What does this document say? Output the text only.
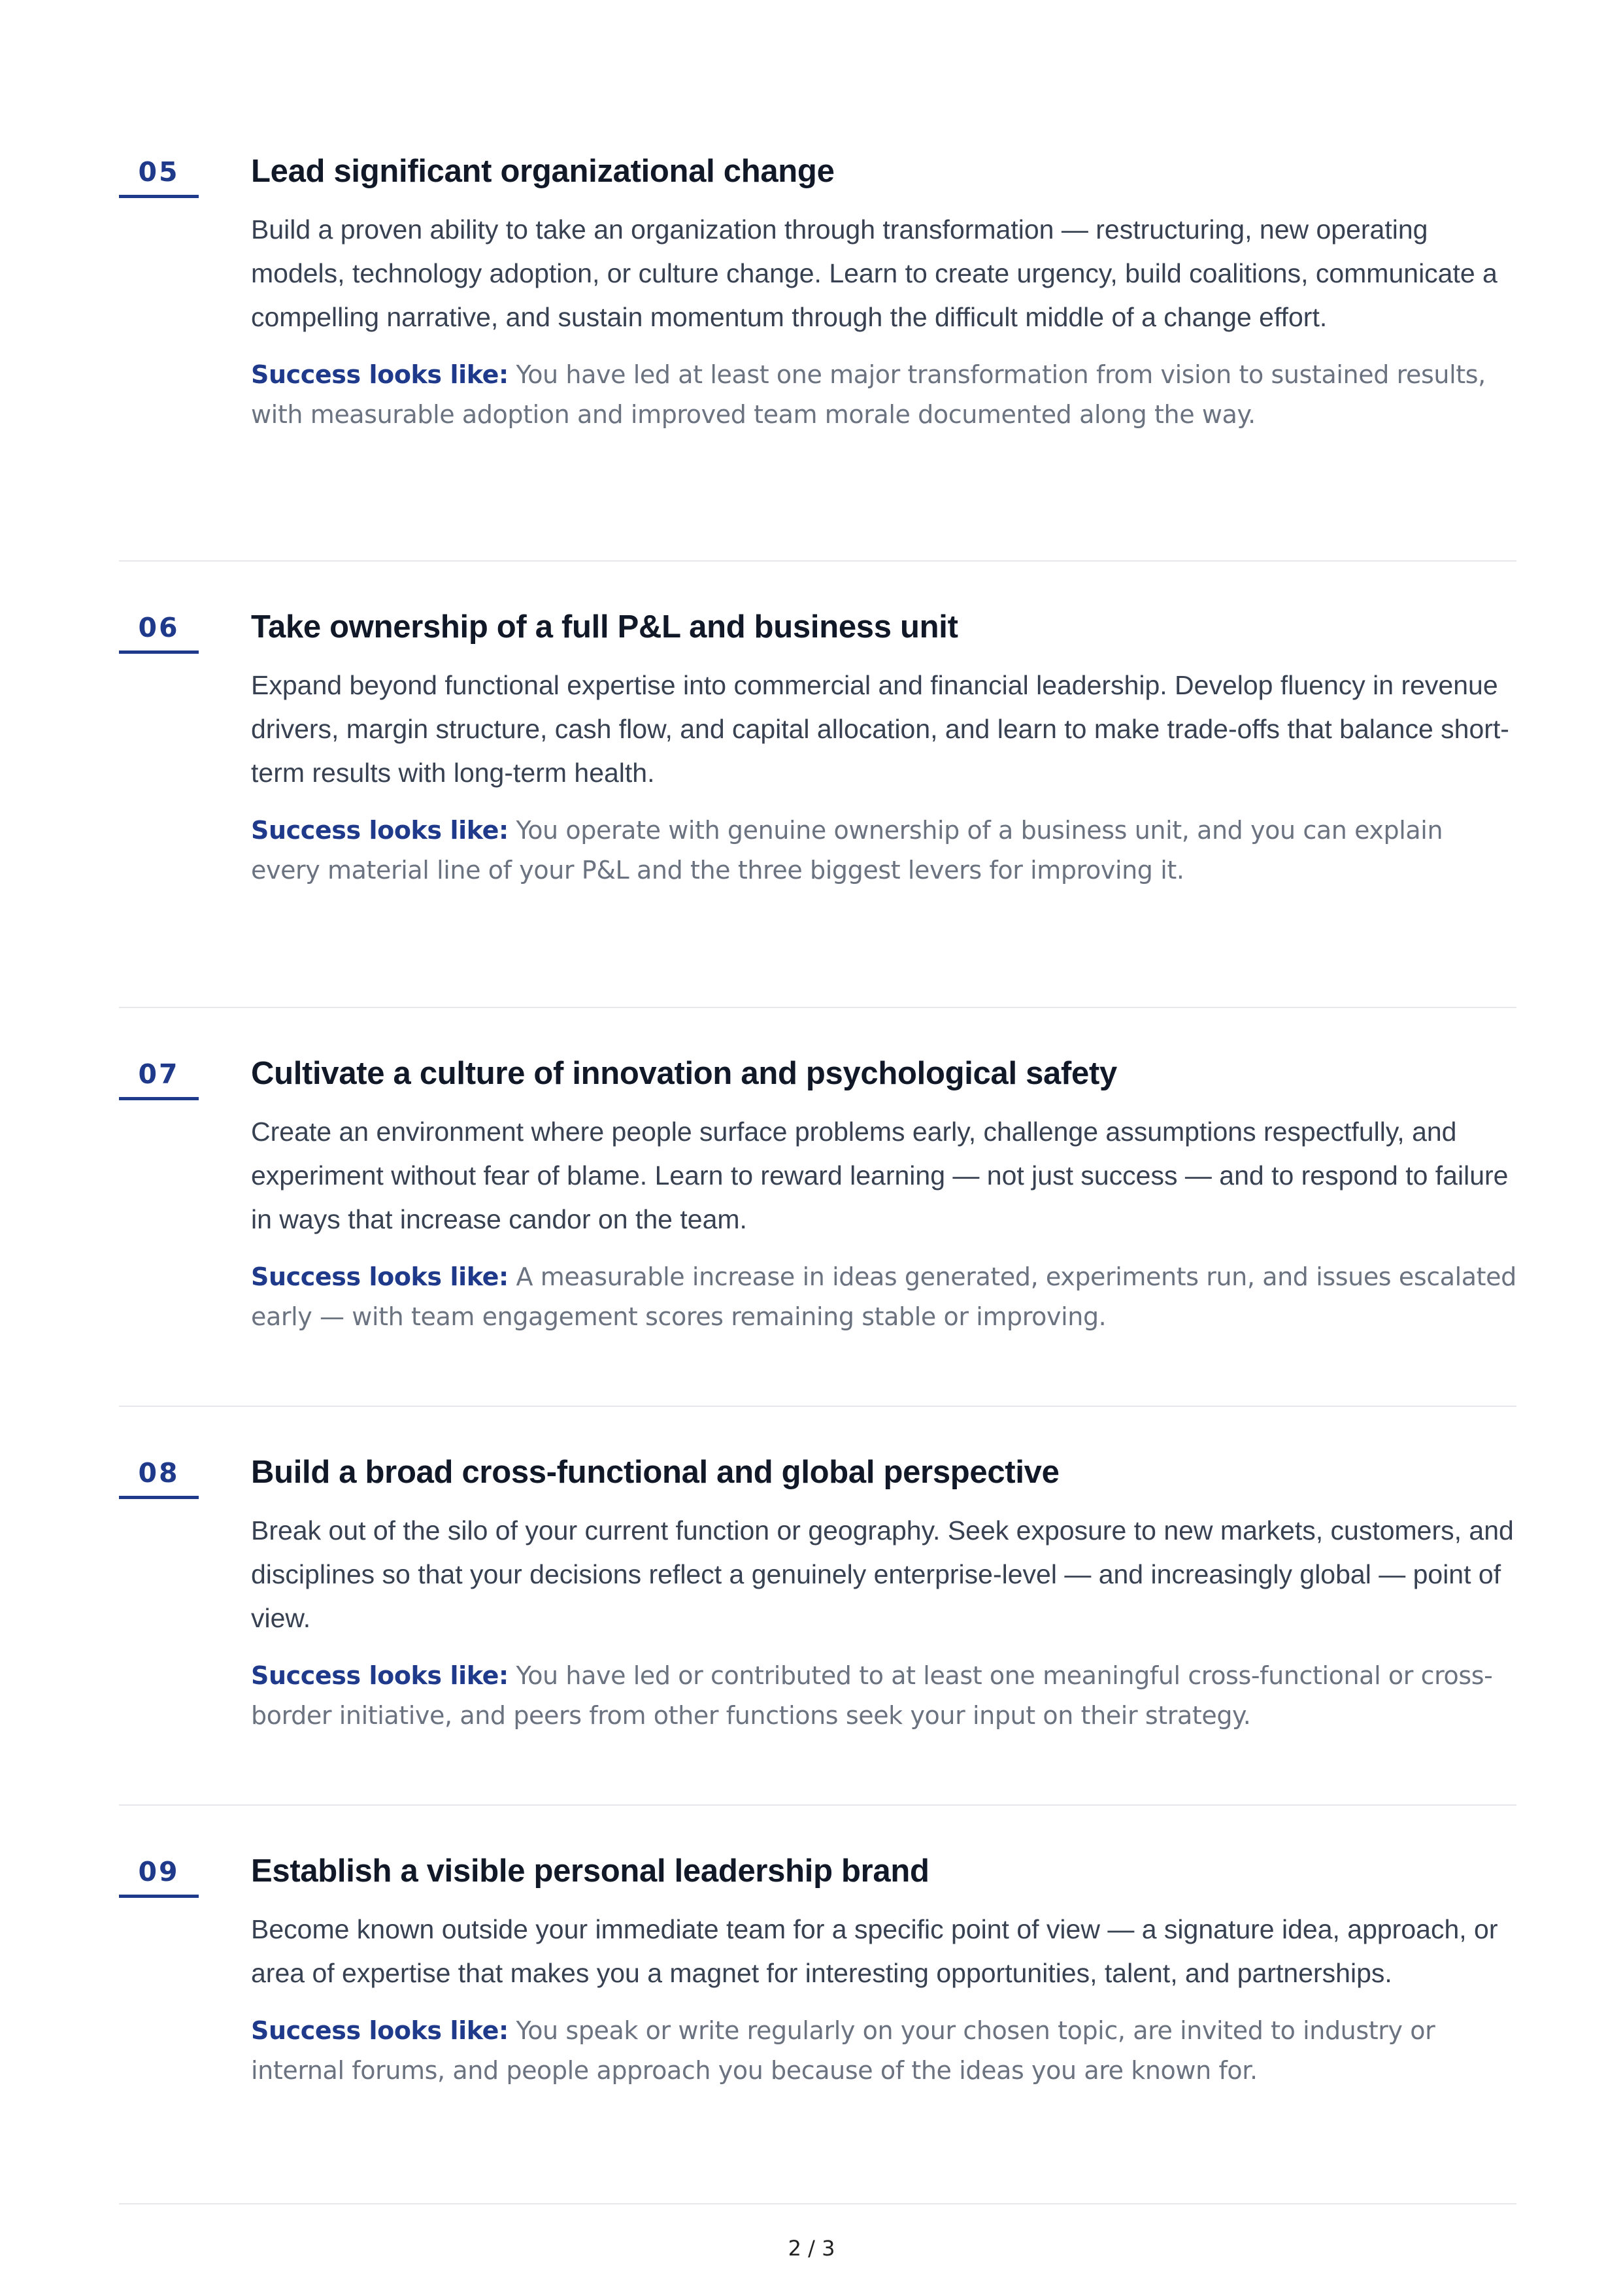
05	Lead significant organizational change

Build a proven ability to take an organization through transformation — restructuring, new operating models, technology adoption, or culture change. Learn to create urgency, build coalitions, communicate a compelling narrative, and sustain momentum through the difficult middle of a change effort.

Success looks like: You have led at least one major transformation from vision to sustained results, with measurable adoption and improved team morale documented along the way.

06	Take ownership of a full P&L and business unit

Expand beyond functional expertise into commercial and financial leadership. Develop fluency in revenue drivers, margin structure, cash flow, and capital allocation, and learn to make trade-offs that balance short-term results with long-term health.

Success looks like: You operate with genuine ownership of a business unit, and you can explain every material line of your P&L and the three biggest levers for improving it.

07	Cultivate a culture of innovation and psychological safety

Create an environment where people surface problems early, challenge assumptions respectfully, and experiment without fear of blame. Learn to reward learning — not just success — and to respond to failure in ways that increase candor on the team.

Success looks like: A measurable increase in ideas generated, experiments run, and issues escalated early — with team engagement scores remaining stable or improving.

08	Build a broad cross-functional and global perspective

Break out of the silo of your current function or geography. Seek exposure to new markets, customers, and disciplines so that your decisions reflect a genuinely enterprise-level — and increasingly global — point of view.

Success looks like: You have led or contributed to at least one meaningful cross-functional or cross-border initiative, and peers from other functions seek your input on their strategy.

09	Establish a visible personal leadership brand

Become known outside your immediate team for a specific point of view — a signature idea, approach, or area of expertise that makes you a magnet for interesting opportunities, talent, and partnerships.

Success looks like: You speak or write regularly on your chosen topic, are invited to industry or internal forums, and people approach you because of the ideas you are known for.

2 / 3
